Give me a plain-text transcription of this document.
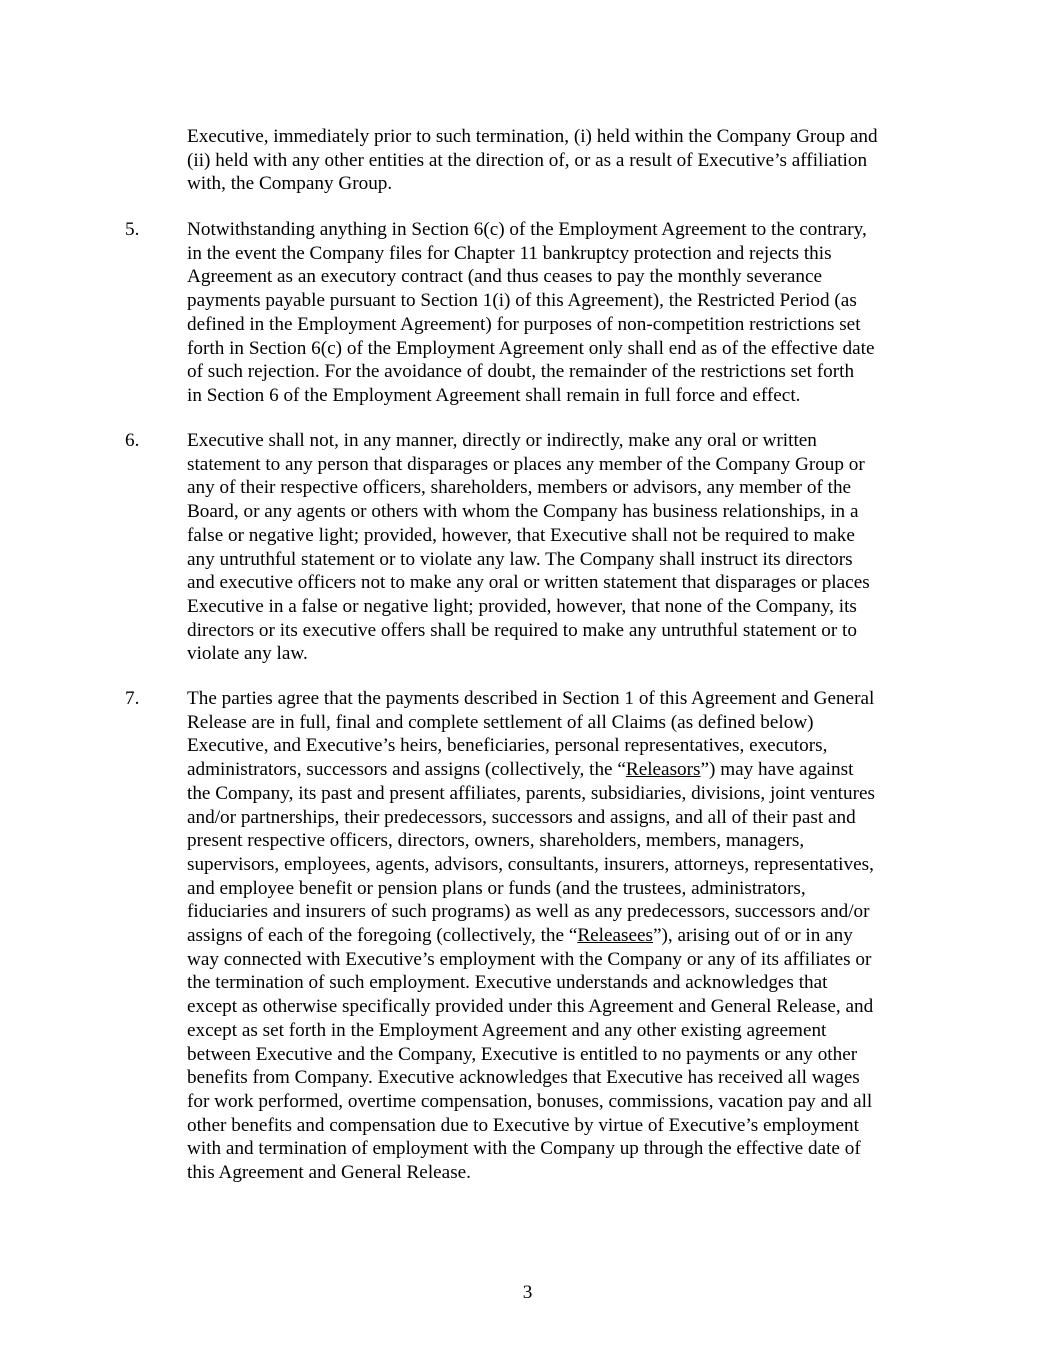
Executive, immediately prior to such termination, (i) held within the Company Group and
(ii) held with any other entities at the direction of, or as a result of Executive’s affiliation
with, the Company Group.

5. Notwithstanding anything in Section 6(c) of the Employment Agreement to the contrary,
in the event the Company files for Chapter 11 bankruptcy protection and rejects this
Agreement as an executory contract (and thus ceases to pay the monthly severance
payments payable pursuant to Section 1(i) of this Agreement), the Restricted Period (as
defined in the Employment Agreement) for purposes of non-competition restrictions set
forth in Section 6(c) of the Employment Agreement only shall end as of the effective date
of such rejection. For the avoidance of doubt, the remainder of the restrictions set forth
in Section 6 of the Employment Agreement shall remain in full force and effect.

6. Executive shall not, in any manner, directly or indirectly, make any oral or written
statement to any person that disparages or places any member of the Company Group or
any of their respective officers, shareholders, members or advisors, any member of the
Board, or any agents or others with whom the Company has business relationships, in a
false or negative light; provided, however, that Executive shall not be required to make
any untruthful statement or to violate any law. The Company shall instruct its directors
and executive officers not to make any oral or written statement that disparages or places
Executive in a false or negative light; provided, however, that none of the Company, its
directors or its executive offers shall be required to make any untruthful statement or to
violate any law.

7. The parties agree that the payments described in Section 1 of this Agreement and General
Release are in full, final and complete settlement of all Claims (as defined below)
Executive, and Executive’s heirs, beneficiaries, personal representatives, executors,
administrators, successors and assigns (collectively, the “Releasors”) may have against
the Company, its past and present affiliates, parents, subsidiaries, divisions, joint ventures
and/or partnerships, their predecessors, successors and assigns, and all of their past and
present respective officers, directors, owners, shareholders, members, managers,
supervisors, employees, agents, advisors, consultants, insurers, attorneys, representatives,
and employee benefit or pension plans or funds (and the trustees, administrators,
fiduciaries and insurers of such programs) as well as any predecessors, successors and/or
assigns of each of the foregoing (collectively, the “Releasees”), arising out of or in any
way connected with Executive’s employment with the Company or any of its affiliates or
the termination of such employment. Executive understands and acknowledges that
except as otherwise specifically provided under this Agreement and General Release, and
except as set forth in the Employment Agreement and any other existing agreement
between Executive and the Company, Executive is entitled to no payments or any other
benefits from Company. Executive acknowledges that Executive has received all wages
for work performed, overtime compensation, bonuses, commissions, vacation pay and all
other benefits and compensation due to Executive by virtue of Executive’s employment
with and termination of employment with the Company up through the effective date of
this Agreement and General Release.

3
